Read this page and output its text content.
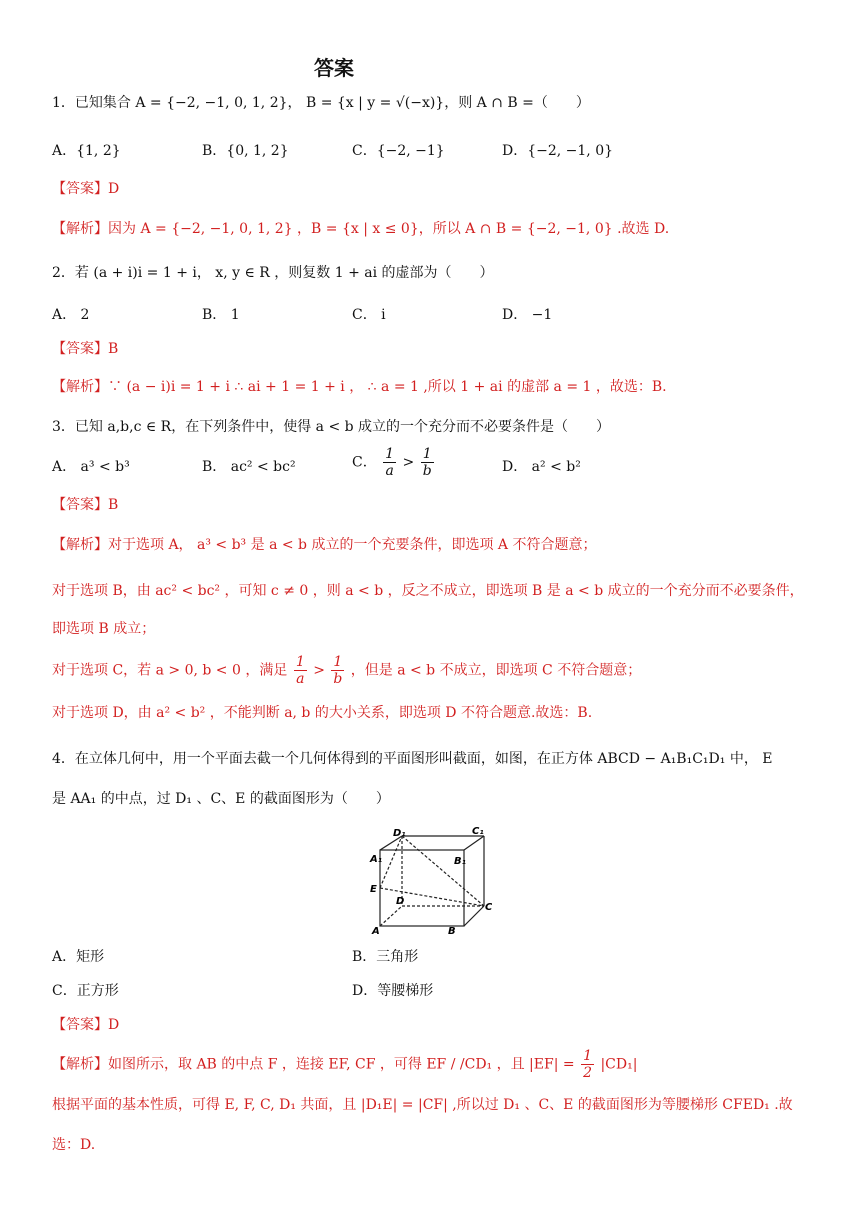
答案
1．已知集合 A = {−2, −1, 0, 1, 2}， B = {x | y = √(−x)}，则 A ∩ B =（　　）
A．{1, 2}	B．{0, 1, 2}	C．{−2, −1}	D．{−2, −1, 0}
【答案】D
【解析】因为 A = {−2, −1, 0, 1, 2} ，B = {x | x ≤ 0}，所以 A ∩ B = {−2, −1, 0} .故选 D.
2．若 (a + i)i = 1 + i， x, y ∈ R ，则复数 1 + ai 的虚部为（　　）
A． 2	B． 1	C． i	D． −1
【答案】B
【解析】∵ (a − i)i = 1 + i ∴ ai + 1 = 1 + i ， ∴ a = 1 ,所以 1 + ai 的虚部 a = 1 ，故选：B.
3．已知 a,b,c ∈ R，在下列条件中，使得 a < b 成立的一个充分而不必要条件是（　　）
A． a³ < b³	B． ac² < bc²	C． $\frac{1}{a} > \frac{1}{b}$	D． a² < b²
【答案】B
【解析】对于选项 A， a³ < b³ 是 a < b 成立的一个充要条件，即选项 A 不符合题意；
对于选项 B，由 ac² < bc² ，可知 c ≠ 0 ，则 a < b ，反之不成立，即选项 B 是 a < b 成立的一个充分而不必要条件，
即选项 B 成立；
对于选项 C，若 a > 0, b < 0 ，满足 $\frac{1}{a} > \frac{1}{b}$ ，但是 a < b 不成立，即选项 C 不符合题意；
对于选项 D，由 a² < b² ，不能判断 a, b 的大小关系，即选项 D 不符合题意.故选：B.
4．在立体几何中，用一个平面去截一个几何体得到的平面图形叫截面，如图，在正方体 ABCD − A₁B₁C₁D₁ 中， E
是 AA₁ 的中点，过 D₁ 、C、E 的截面图形为（　　）
D₁	C₁
A₁	B₁
E
D
C
A	B
A．矩形	B．三角形
C．正方形	D．等腰梯形
【答案】D
【解析】如图所示，取 AB 的中点 F ，连接 EF, CF ，可得 EF / /CD₁ ，且 $|EF| = \frac{1}{2} |CD_1|$
根据平面的基本性质，可得 E, F, C, D₁ 共面，且 |D₁E| = |CF| ,所以过 D₁ 、C、E 的截面图形为等腰梯形 CFED₁ .故
选：D.
